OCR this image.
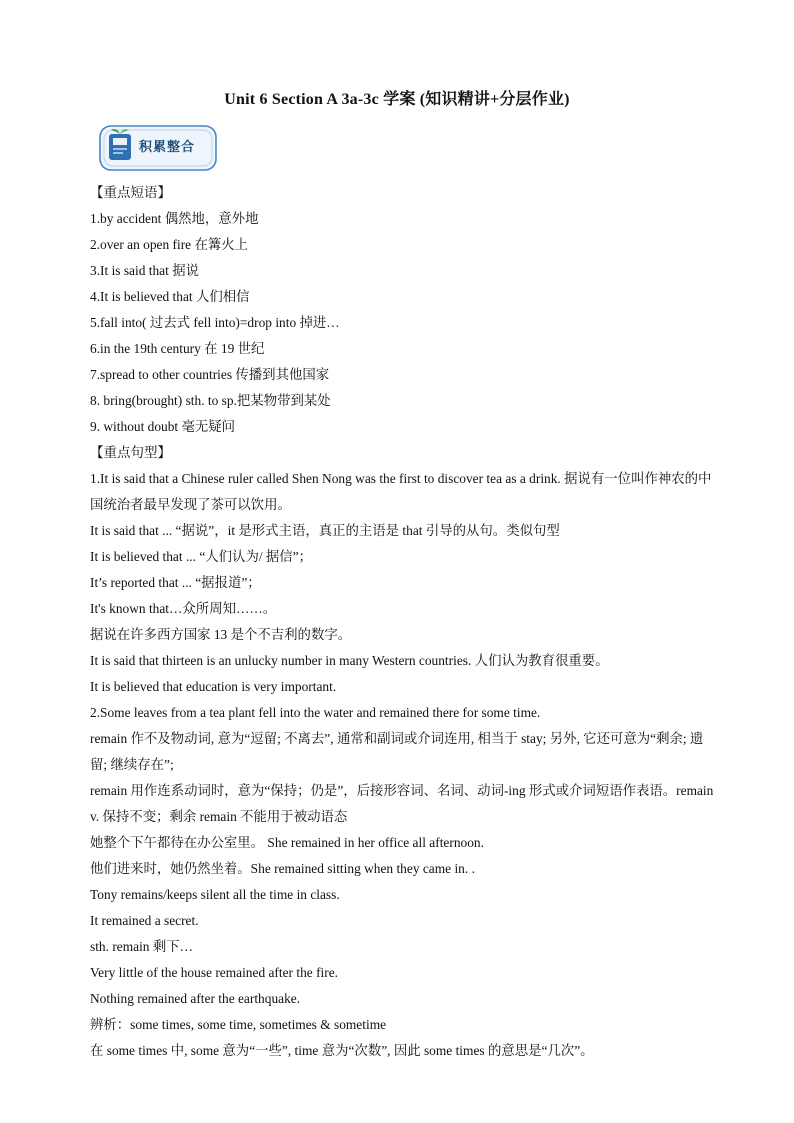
Unit 6 Section A 3a-3c 学案 (知识精讲+分层作业)
积累整合
【重点短语】
1.by accident 偶然地，意外地
2.over an open fire 在篝火上
3.It is said that 据说
4.It is believed that 人们相信
5.fall into( 过去式 fell into)=drop into 掉进…
6.in the 19th century 在 19 世纪
7.spread to other countries 传播到其他国家
8. bring(brought) sth. to sp.把某物带到某处
9. without doubt 毫无疑问
【重点句型】
1.It is said that a Chinese ruler called Shen Nong was the first to discover tea as a drink. 据说有一位叫作神农的中国统治者最早发现了茶可以饮用。
It is said that ... “据说”，it 是形式主语，真正的主语是 that 引导的从句。类似句型
It is believed that ... “人们认为/ 据信”；
It’s reported that ... “据报道”；
It's known that…众所周知……。
据说在许多西方国家 13 是个不吉利的数字。
It is said that thirteen is an unlucky number in many Western countries. 人们认为教育很重要。
It is believed that education is very important.
2.Some leaves from a tea plant fell into the water and remained there for some time.
remain 作不及物动词, 意为“逗留; 不离去”, 通常和副词或介词连用, 相当于 stay; 另外, 它还可意为“剩余; 遗留; 继续存在”;
remain 用作连系动词时，意为“保持；仍是”，后接形容词、名词、动词-ing 形式或介词短语作表语。remain v. 保持不变；剩余 remain 不能用于被动语态
她整个下午都待在办公室里。 She remained in her office all afternoon.
他们进来时，她仍然坐着。She remained sitting when they came in. .
Tony remains/keeps silent all the time in class.
It remained a secret.
sth. remain 剩下…
Very little of the house remained after the fire.
Nothing remained after the earthquake.
辨析：some times, some time, sometimes & sometime
在 some times 中, some 意为“一些”, time 意为“次数”, 因此 some times 的意思是“几次”。
